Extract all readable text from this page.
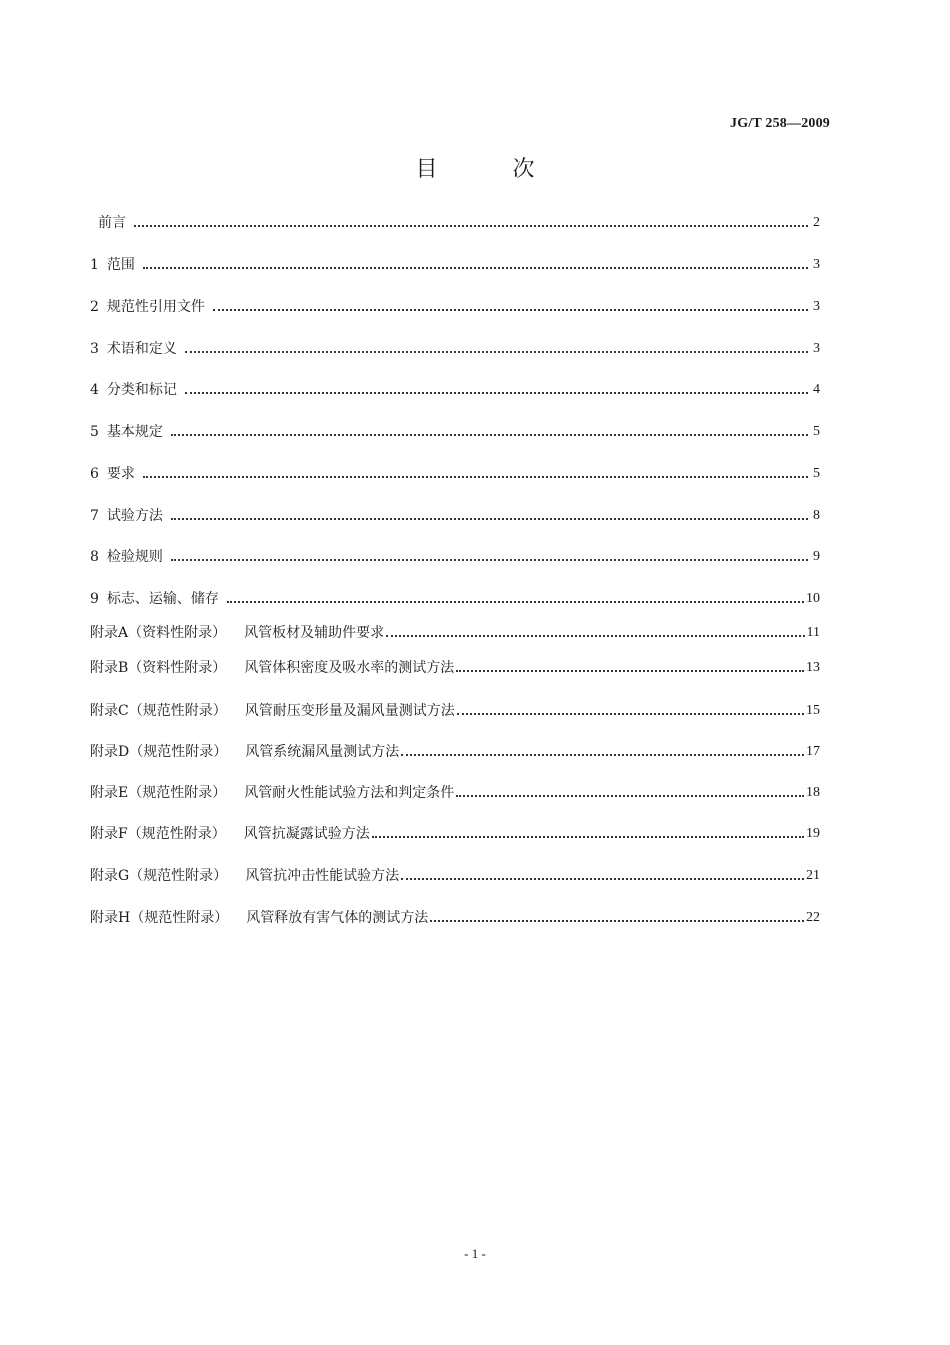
JG/T 258—2009
目 次
前言	2
1 范围	3
2 规范性引用文件	3
3 术语和定义	3
4 分类和标记	4
5 基本规定	5
6 要求	5
7 试验方法	8
8 检验规则	9
9 标志、运输、储存	10
附录A（资料性附录） 风管板材及辅助件要求	11
附录B（资料性附录） 风管体积密度及吸水率的测试方法	13
附录C（规范性附录） 风管耐压变形量及漏风量测试方法	15
附录D（规范性附录） 风管系统漏风量测试方法	17
附录E（规范性附录） 风管耐火性能试验方法和判定条件	18
附录F（规范性附录） 风管抗凝露试验方法	19
附录G（规范性附录） 风管抗冲击性能试验方法	21
附录H（规范性附录） 风管释放有害气体的测试方法	22
- 1 -
